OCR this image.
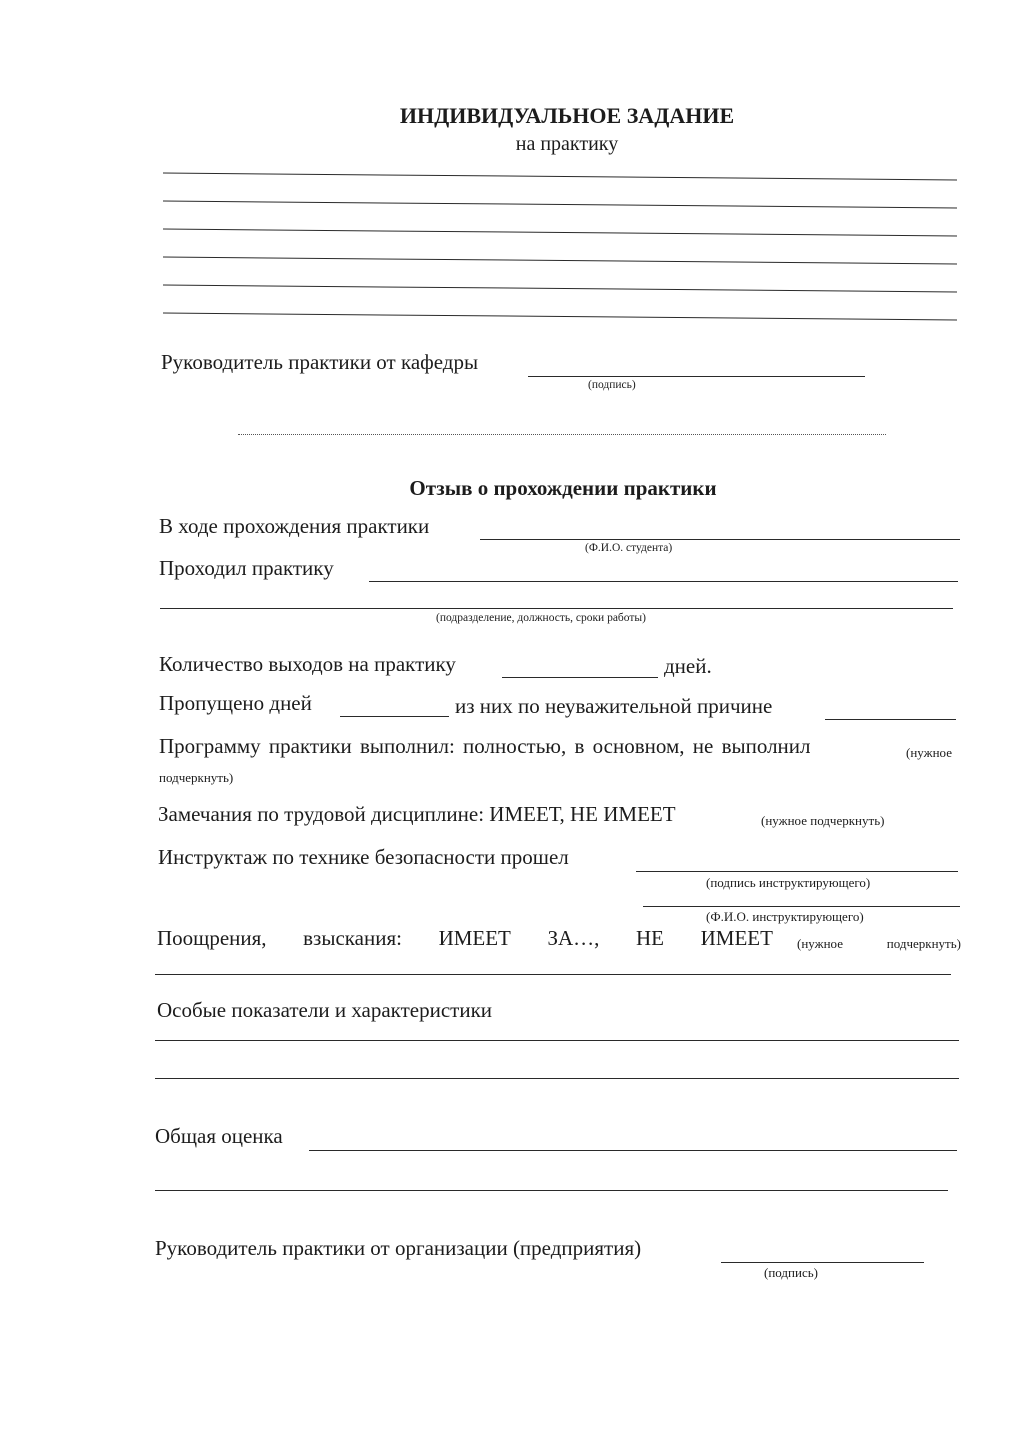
ИНДИВИДУАЛЬНОЕ ЗАДАНИЕ
на практику
Руководитель практики от кафедры
(подпись)
Отзыв о прохождении практики
В ходе прохождения практики
(Ф.И.О. студента)
Проходил практику
(подразделение, должность, сроки работы)
Количество выходов на практику	дней.
Пропущено дней	из них по неуважительной причине
Программу практики выполнил: полностью, в основном, не выполнил	(нужное
подчеркнуть)
Замечания по трудовой дисциплине: ИМЕЕТ, НЕ ИМЕЕТ	(нужное подчеркнуть)
Инструктаж по технике безопасности прошел
(подпись инструктирующего)
(Ф.И.О. инструктирующего)
Поощрения, взыскания: ИМЕЕТ ЗА…, НЕ ИМЕЕТ (нужное	подчеркнуть)
Особые показатели и характеристики
Общая оценка
Руководитель практики от организации (предприятия)
(подпись)
